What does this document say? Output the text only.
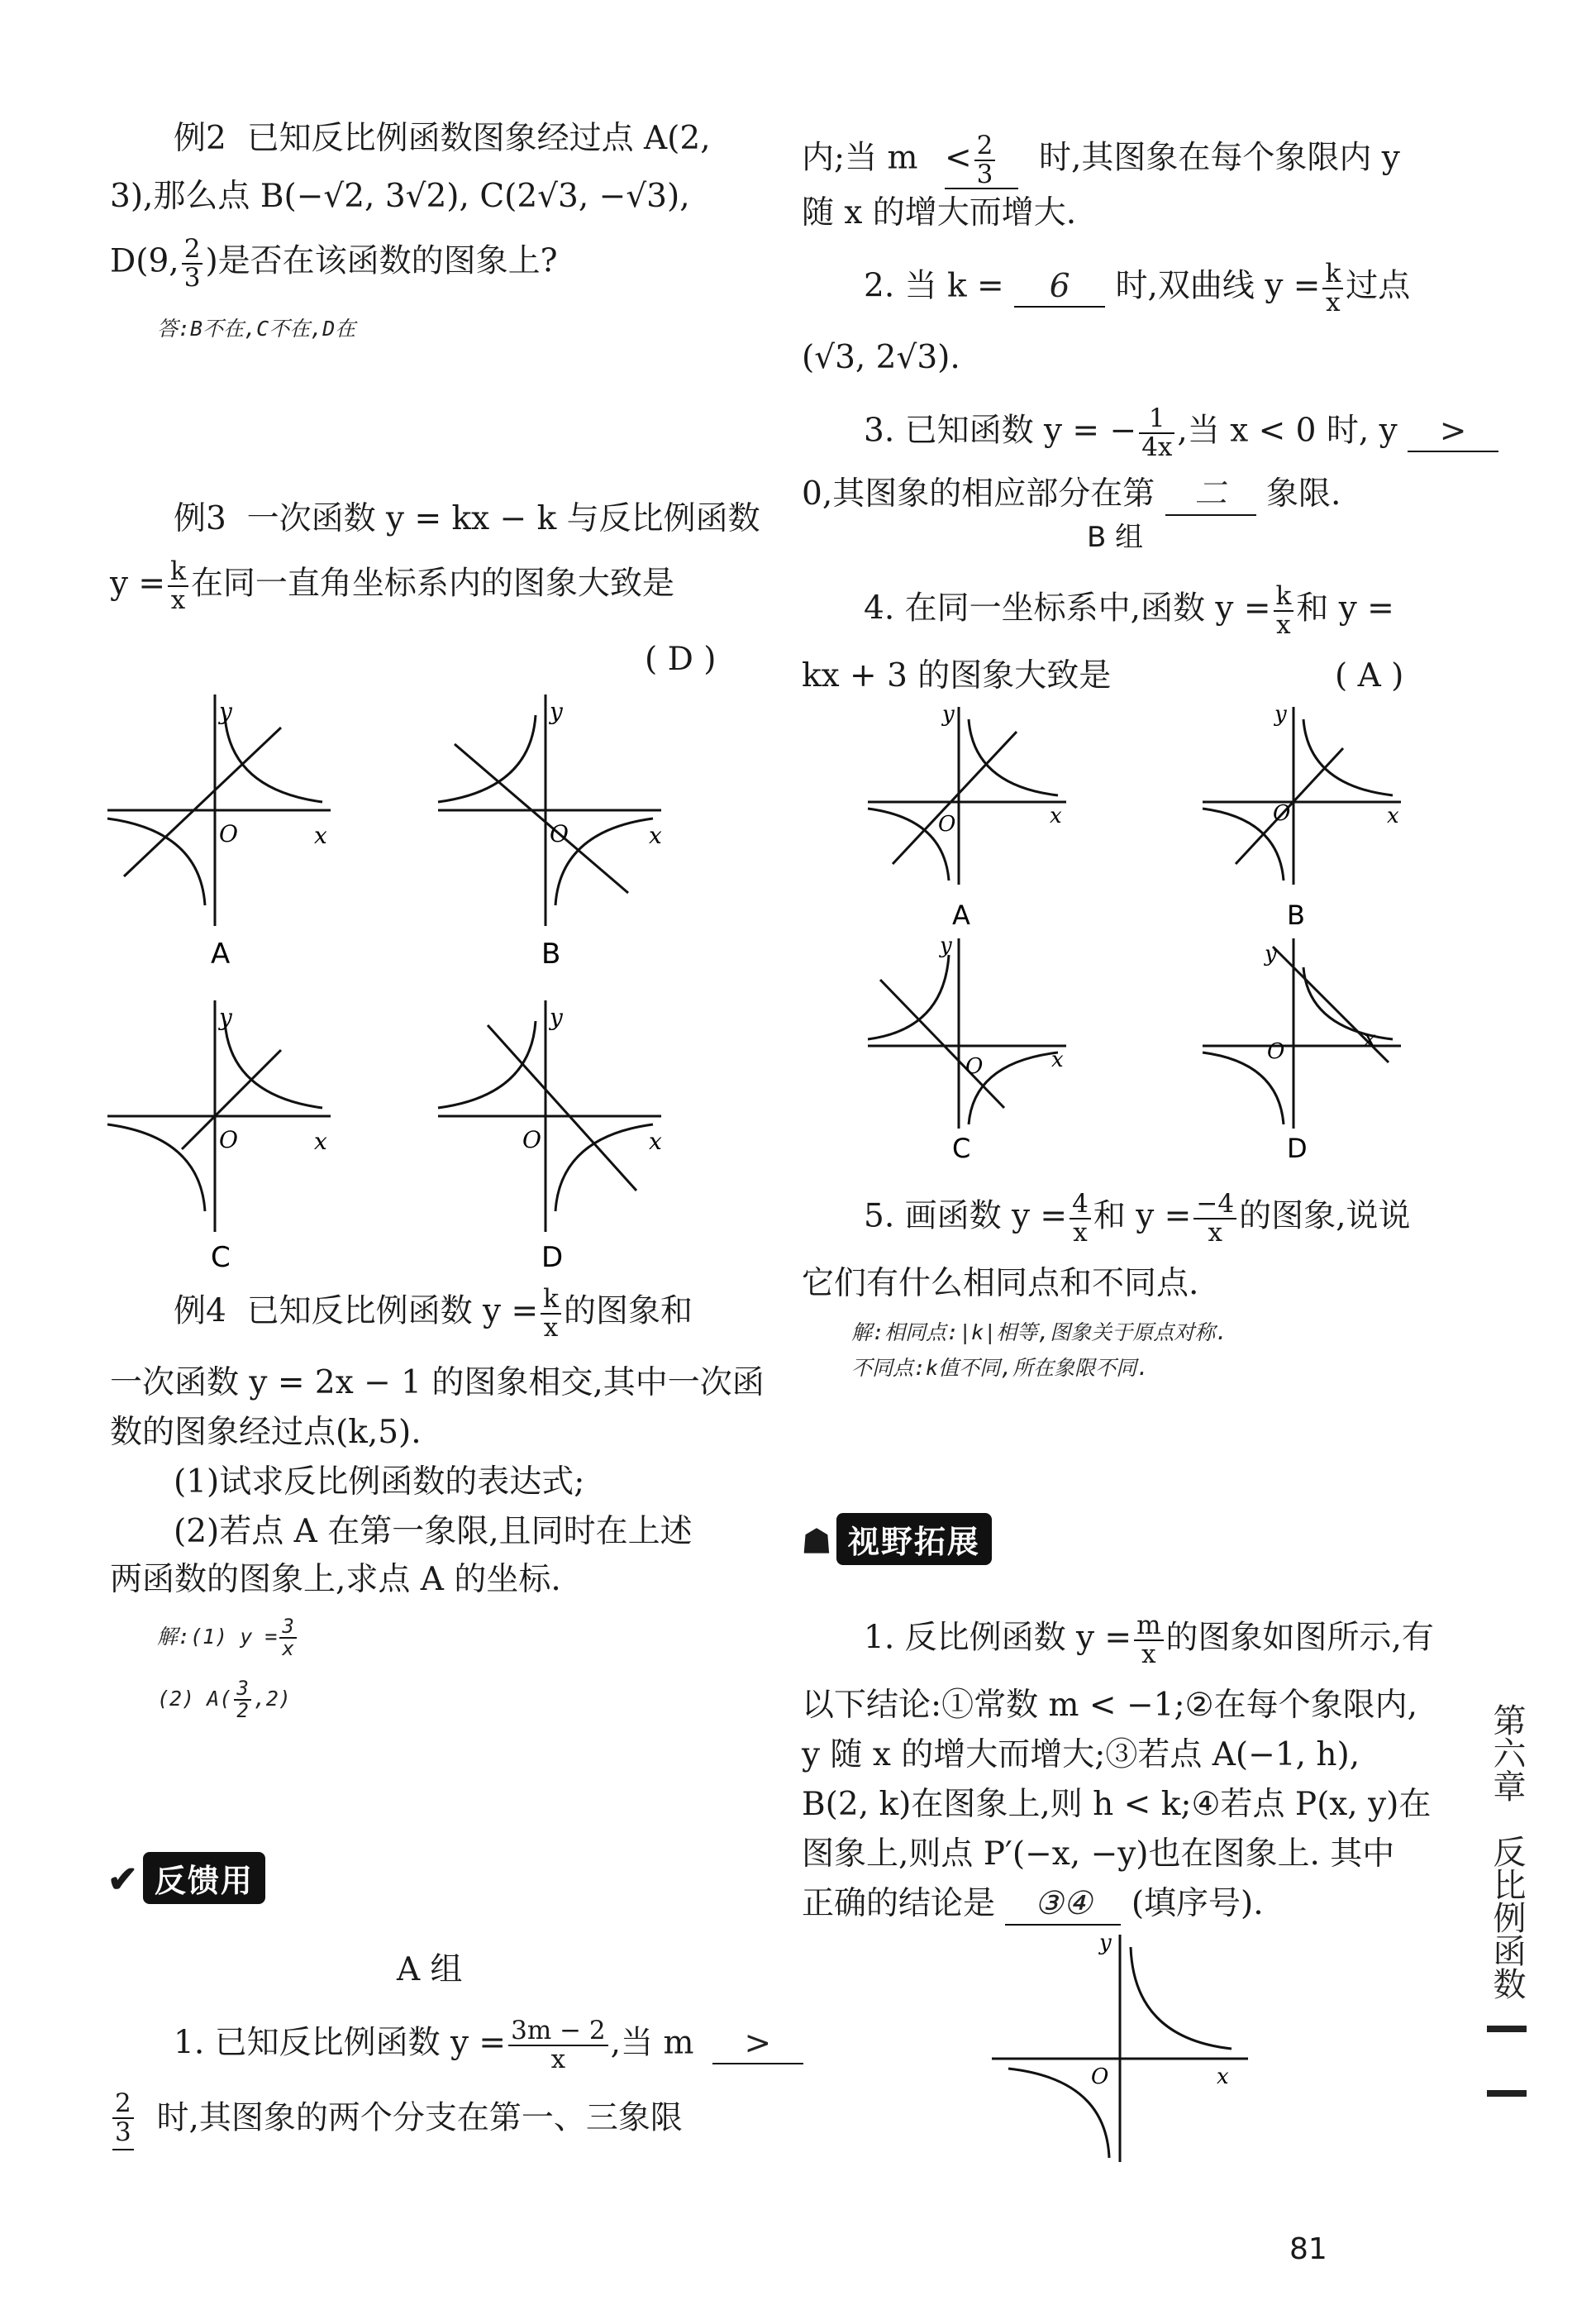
例2 已知反比例函数图象经过点 A(2,
3),那么点 B(−√2, 3√2), C(2√3, −√3),
D(9, $\frac{2}{3}$ )是否在该函数的图象上?
答:B不在,C不在,D在
例3 一次函数 y = kx − k 与反比例函数
$y = \frac{k}{x}$ 在同一直角坐标系内的图象大致是
( D )
y
x
O
A
y
x
O
B
y
x
O
C
y
x
O
D
例4 已知反比例函数 $y = \frac{k}{x}$ 的图象和
一次函数 y = 2x − 1 的图象相交,其中一次函
数的图象经过点(k,5).
(1)试求反比例函数的表达式;
(2)若点 A 在第一象限,且同时在上述
两函数的图象上,求点 A 的坐标.
解:(1) $y = \frac{3}{x}$
(2) $A( \frac{3}{2} ,2)$
✔ 反馈用
A 组
1. 已知反比例函数 $y = \frac{3m - 2}{x}$ ,当 m >
$\frac{2}{3}$ 时,其图象的两个分支在第一、三象限
内;当 $m < \frac{2}{3}$ 时,其图象在每个象限内 y
随 x 的增大而增大.
2. 当 k = 6 时,双曲线 $y = \frac{k}{x}$ 过点
(√3, 2√3).
3. 已知函数 y = − $\frac{1}{4x}$ ,当 x < 0 时, y >
0,其图象的相应部分在第 二 象限.
B 组
4. 在同一坐标系中,函数 $y = \frac{k}{x}$ 和 y =
kx + 3 的图象大致是	( A )
y
x
O
A
y
x
O
B
y
x
O
C
y
x
O
D
5. 画函数 $y = \frac{4}{x}$ 和 $y = \frac{-4}{x}$ 的图象,说说
它们有什么相同点和不同点.
解:相同点:|k|相等,图象关于原点对称.
不同点:k值不同,所在象限不同.
☗ 视野拓展
1. 反比例函数 $y = \frac{m}{x}$ 的图象如图所示,有
以下结论:①常数 m < −1;②在每个象限内,
y 随 x 的增大而增大;③若点 A(−1, h),
B(2, k)在图象上,则 h < k;④若点 P(x, y)在
图象上,则点 P′(−x, −y)也在图象上. 其中
正确的结论是 ③④ (填序号).
y
x
O
第六章
反比例函数
81
